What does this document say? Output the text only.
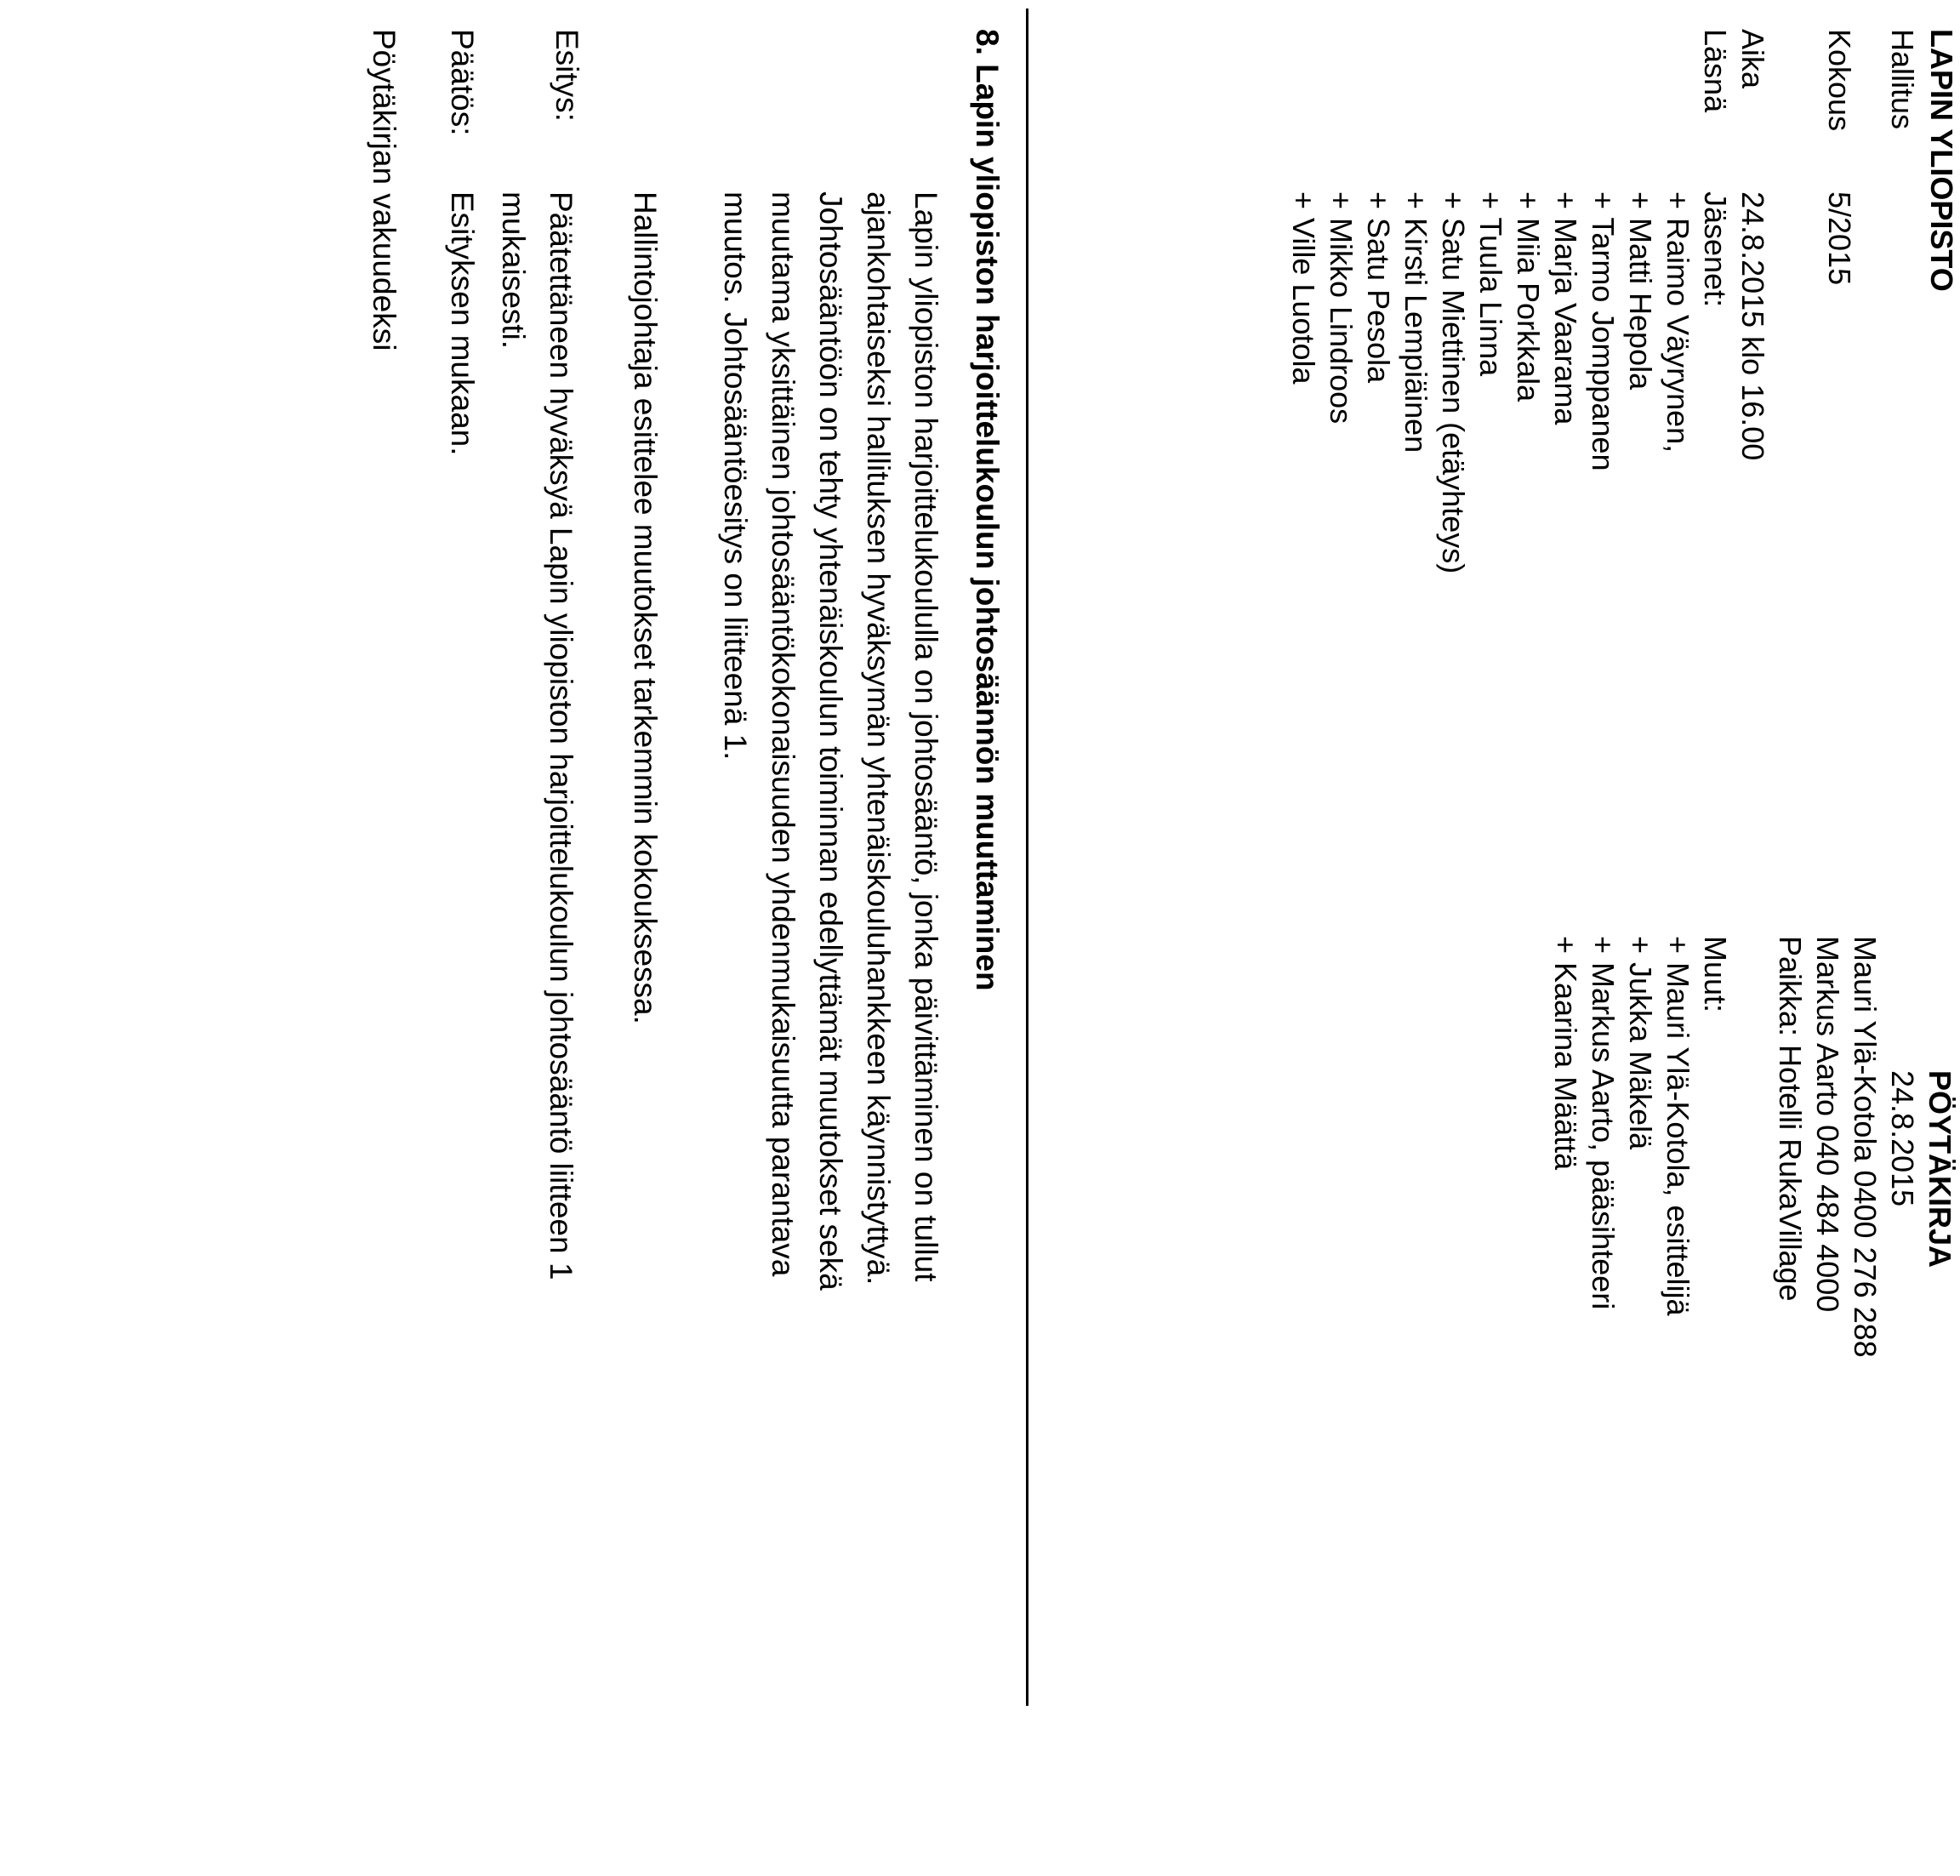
LAPIN YLIOPISTO
Hallitus
PÖYTÄKIRJA
24.8.2015
Kokous
5/2015
Mauri Ylä-Kotola 0400 276 288
Markus Aarto 040 484 4000
Paikka: Hotelli RukaVillage
Aika
24.8.2015 klo 16.00
Läsnä
Jäsenet:
+ Raimo Väyrynen,
+ Matti Hepola
+ Tarmo Jomppanen
+ Marja Vaarama
+ Miia Porkkala
+ Tuula Linna
+ Satu Miettinen (etäyhteys)
+ Kirsti Lempiäinen
+ Satu Pesola
+ Mikko Lindroos
+ Ville Luotola
Muut:
+ Mauri Ylä-Kotola, esittelijä
+ Jukka Mäkelä
+ Markus Aarto, pääsihteeri
+ Kaarina Määttä
8. Lapin yliopiston harjoittelukoulun johtosäännön muuttaminen

Lapin yliopiston harjoittelukoululla on johtosääntö, jonka päivittäminen on tullut

ajankohtaiseksi hallituksen hyväksymän yhtenäiskouluhankkeen käynnistyttyä.

Johtosääntöön on tehty yhtenäiskoulun toiminnan edellyttämät muutokset sekä

muutama yksittäinen johtosääntökokonaisuuden yhdenmukaisuutta parantava

muutos. Johtosääntöesitys on liitteenä 1.

Hallintojohtaja esittelee muutokset tarkemmin kokouksessa.
Esitys:
Päätettäneen hyväksyä Lapin yliopiston harjoittelukoulun johtosääntö liitteen 1
mukaisesti.
Päätös:
Esityksen mukaan.
Pöytäkirjan vakuudeksi
